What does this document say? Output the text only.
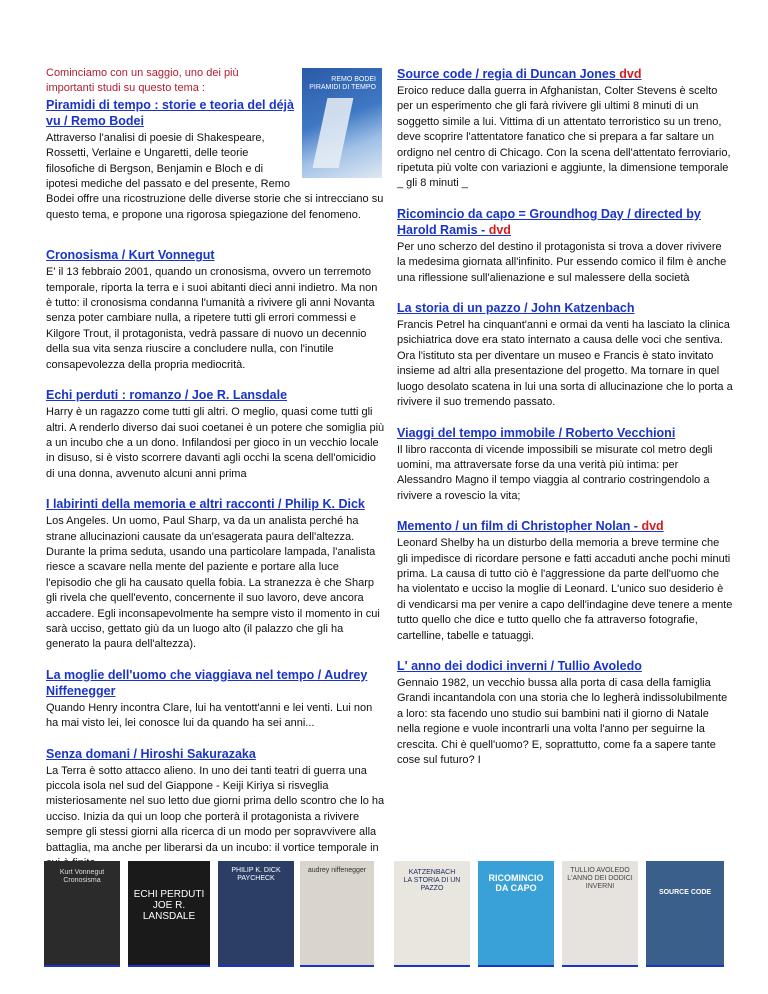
REMO BODEI
PIRAMIDI DI TEMPO
Cominciamo con un saggio, uno dei più importanti studi su questo tema :
Piramidi di tempo : storie e teoria del déjà vu / Remo Bodei

Attraverso l'analisi di poesie di Shakespeare, Rossetti, Verlaine e Ungaretti, delle teorie filosofiche di Bergson, Benjamin e Bloch e di ipotesi mediche del passato e del presente, Remo Bodei offre una ricostruzione delle diverse storie che si intrecciano su questo tema, e propone una rigorosa spiegazione del fenomeno.

Cronosisma / Kurt Vonnegut

E' il 13 febbraio 2001, quando un cronosisma, ovvero un terremoto temporale, riporta la terra e i suoi abitanti dieci anni indietro. Ma non è tutto: il cronosisma condanna l'umanità a rivivere gli anni Novanta senza poter cambiare nulla, a ripetere tutti gli errori commessi e Kilgore Trout, il protagonista, vedrà passare di nuovo un decennio della sua vita senza riuscire a concludere nulla, con l'inutile consapevolezza della propria mediocrità.

Echi perduti : romanzo / Joe R. Lansdale

Harry è un ragazzo come tutti gli altri. O meglio, quasi come tutti gli altri. A renderlo diverso dai suoi coetanei è un potere che somiglia più a un incubo che a un dono. Infilandosi per gioco in un vecchio locale in disuso, si è visto scorrere davanti agli occhi la scena dell'omicidio di una donna, avvenuto alcuni anni prima

I labirinti della memoria e altri racconti / Philip K. Dick

Los Angeles. Un uomo, Paul Sharp, va da un analista perché ha strane allucinazioni causate da un'esagerata paura dell'altezza. Durante la prima seduta, usando una particolare lampada, l'analista riesce a scavare nella mente del paziente e portare alla luce l'episodio che gli ha causato quella fobia. La stranezza è che Sharp gli rivela che quell'evento, concernente il suo lavoro, deve ancora accadere. Egli inconsapevolmente ha sempre visto il momento in cui sarà ucciso, gettato giù da un luogo alto (il palazzo che gli ha generato la paura dell'altezza).

La moglie dell'uomo che viaggiava nel tempo / Audrey Niffenegger

Quando Henry incontra Clare, lui ha ventott'anni e lei venti. Lui non ha mai visto lei, lei conosce lui da quando ha sei anni...

Senza domani / Hiroshi Sakurazaka

La Terra è sotto attacco alieno. In uno dei tanti teatri di guerra una piccola isola nel sud del Giappone - Keiji Kiriya si risveglia misteriosamente nel suo letto due giorni prima dello scontro che lo ha ucciso. Inizia da qui un loop che porterà il protagonista a rivivere sempre gli stessi giorni alla ricerca di un modo per sopravvivere alla battaglia, ma anche per liberarsi da un incubo: il vortice temporale in

Source code / regia di Duncan Jones dvd

Eroico reduce dalla guerra in Afghanistan, Colter Stevens è scelto per un esperimento che gli farà rivivere gli ultimi 8 minuti di un soggetto simile a lui. Vittima di un attentato terroristico su un treno, deve scoprire l'attentatore fanatico che si prepara a far saltare un ordigno nel centro di Chicago. Con la scena dell'attentato ferroviario, ripetuta più volte con variazioni e aggiunte, la dimensione temporale _ gli 8 minuti _

Ricomincio da capo = Groundhog Day / directed by Harold Ramis - dvd

Per uno scherzo del destino il protagonista si trova a dover rivivere la medesima giornata all'infinito. Pur essendo comico il film è anche una riflessione sull'alienazione e sul malessere della società

La storia di un pazzo / John Katzenbach

Francis Petrel ha cinquant'anni e ormai da venti ha lasciato la clinica psichiatrica dove era stato internato a causa delle voci che sentiva. Ora l'istituto sta per diventare un museo e Francis è stato invitato insieme ad altri alla presentazione del progetto. Ma tornare in quel luogo desolato scatena in lui una sorta di allucinazione che lo porta a rivivere il suo tremendo passato.

Viaggi del tempo immobile / Roberto Vecchioni

Il libro racconta di vicende impossibili se misurate col metro degli uomini, ma attraversate forse da una verità più intima: per Alessandro Magno il tempo viaggia al contrario costringendolo a rivivere a rovescio la vita;

Memento / un film di Christopher Nolan - dvd

Leonard Shelby ha un disturbo della memoria a breve termine che gli impedisce di ricordare persone e fatti accaduti anche pochi minuti prima. La causa di tutto ciò è l'aggressione da parte dell'uomo che ha violentato e ucciso la moglie di Leonard. L'unico suo desiderio è di vendicarsi ma per venire a capo dell'indagine deve tenere a mente tutto quello che dice e tutto quello che fa attraverso fotografie, cartelline, tabelle e tatuaggi.

L' anno dei dodici inverni / Tullio Avoledo

Gennaio 1982, un vecchio bussa alla porta di casa della famiglia Grandi incantandola con una storia che lo legherà indissolubilmente a loro: sta facendo uno studio sui bambini nati il giorno di Natale nella regione e vuole incontrarli una volta l'anno per seguirne la crescita. Chi è quell'uomo? E, soprattutto, come fa a sapere tante cose sul futuro? I

Kurt Vonnegut
Cronosisma
ECHI PERDUTI
JOE R. LANSDALE
PHILIP K. DICK
PAYCHECK
audrey niffenegger	KATZENBACH
LA STORIA DI UN PAZZO
RICOMINCIO DA CAPO
TULLIO AVOLEDO
L'ANNO DEI DODICI INVERNI
SOURCE CODE
